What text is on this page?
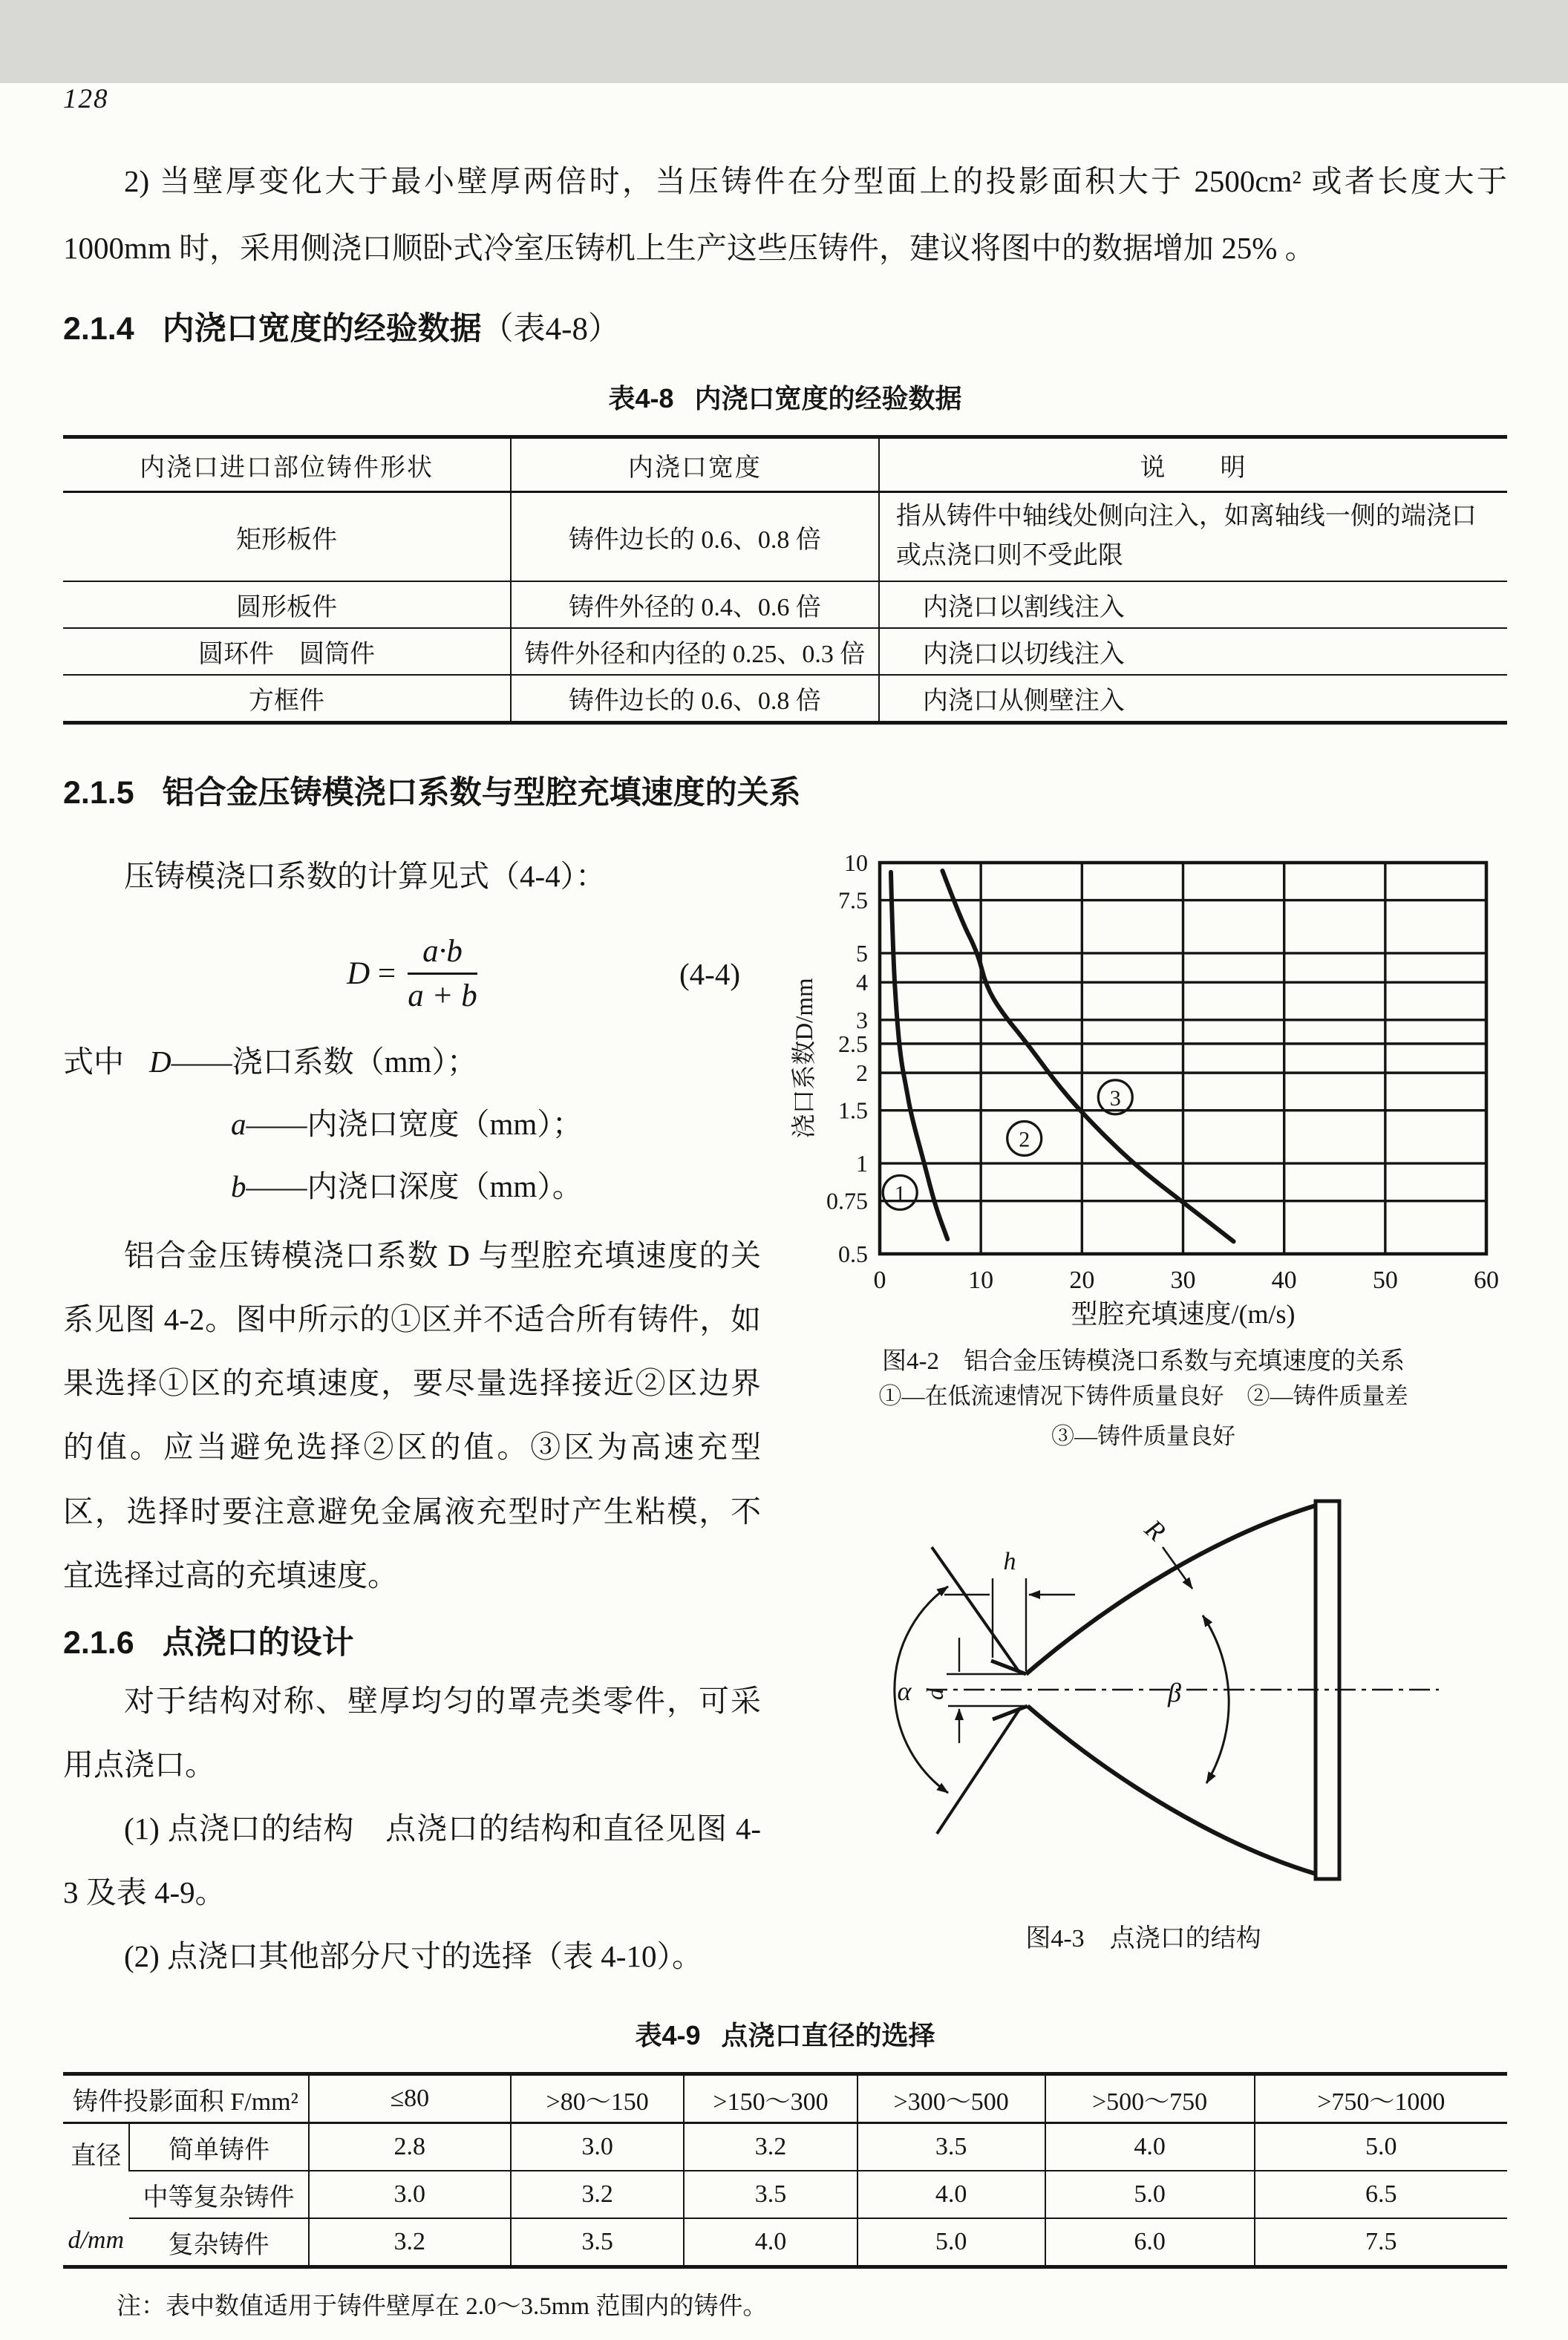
128

2) 当壁厚变化大于最小壁厚两倍时，当压铸件在分型面上的投影面积大于 2500cm² 或者长度大于 1000mm 时，采用侧浇口顺卧式冷室压铸机上生产这些压铸件，建议将图中的数据增加 25% 。

2.1.4 内浇口宽度的经验数据（表4-8）
表4-8 内浇口宽度的经验数据
内浇口进口部位铸件形状	内浇口宽度	说　　明
矩形板件	铸件边长的 0.6、0.8 倍	指从铸件中轴线处侧向注入，如离轴线一侧的端浇口或点浇口则不受此限
圆形板件	铸件外径的 0.4、0.6 倍	内浇口以割线注入
圆环件　圆筒件	铸件外径和内径的 0.25、0.3 倍	内浇口以切线注入
方框件	铸件边长的 0.6、0.8 倍	内浇口从侧壁注入
2.1.5 铝合金压铸模浇口系数与型腔充填速度的关系

压铸模浇口系数的计算见式（4-4）：

$D = \frac{a\cdot b}{a + b}$	(4-4)
式中 D——浇口系数（mm）；
a——内浇口宽度（mm）；
b——内浇口深度（mm）。

铝合金压铸模浇口系数 D 与型腔充填速度的关系见图 4-2。图中所示的①区并不适合所有铸件，如果选择①区的充填速度，要尽量选择接近②区边界的值。应当避免选择②区的值。③区为高速充型区，选择时要注意避免金属液充型时产生粘模，不宜选择过高的充填速度。

2.1.6 点浇口的设计

对于结构对称、壁厚均匀的罩壳类零件，可采用点浇口。

(1) 点浇口的结构　点浇口的结构和直径见图 4-3 及表 4-9。

(2) 点浇口其他部分尺寸的选择（表 4-10）。

0.5
0.75
1
1.5
2
2.5
3
4
5
7.5
10
0	10	20	30	40	50	60
浇口系数D/mm
型腔充填速度/(m/s)
1
2
3
图4-2　铝合金压铸模浇口系数与充填速度的关系
①—在低流速情况下铸件质量良好　②—铸件质量差
③—铸件质量良好
α d
h
R
β
图4-3　点浇口的结构
表4-9 点浇口直径的选择
铸件投影面积 F/mm²		≤80	>80～150	>150～300	>300～500	>500～750	>750～1000

直径
d/mm	简单铸件	2.8	3.0	3.2	3.5	4.0	5.0
	中等复杂铸件	3.0	3.2	3.5	4.0	5.0	6.5
	复杂铸件	3.2	3.5	4.0	5.0	6.0	7.5
注：表中数值适用于铸件壁厚在 2.0～3.5mm 范围内的铸件。
